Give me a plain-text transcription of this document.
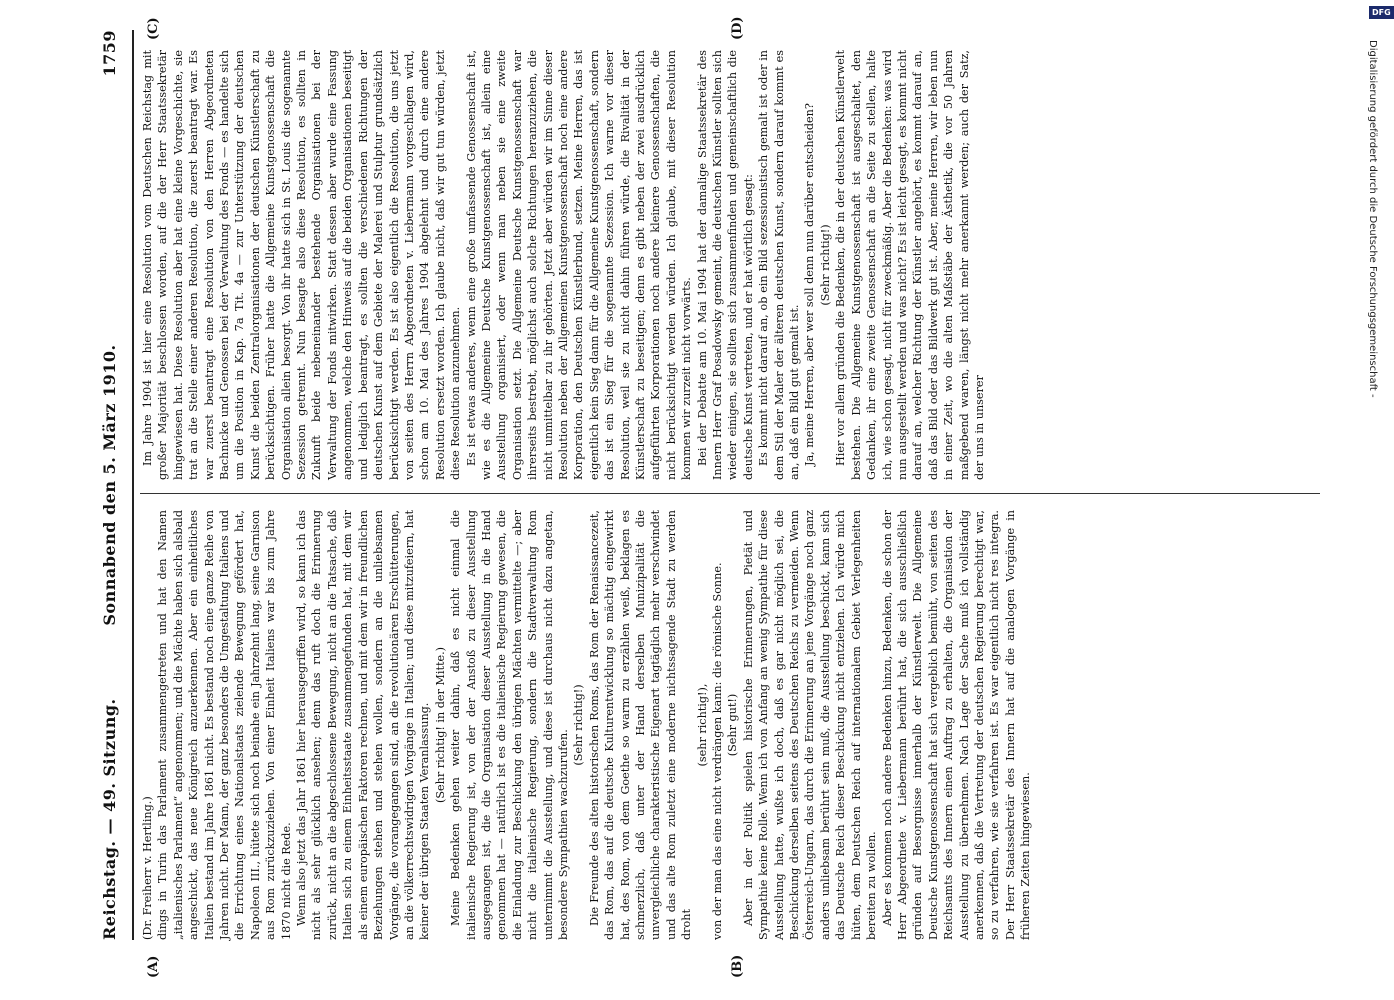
Reichstag. — 49. Sitzung.
Sonnabend den 5. März 1910.
1759

(Dr. Freiherr v. Hertling.) dings in Turin das Parlament zusammengetreten und hat den Namen „italienisches Parlament“ angenommen; und die Mächte haben sich alsbald angeschickt, das neue Königreich anzuerkennen. Aber ein einheitliches Italien bestand im Jahre 1861 nicht. Es bestand noch eine ganze Reihe von Jahren nicht. Der Mann, der ganz besonders die Umgestaltung Italiens und die Errichtung eines Nationalstaats zielende Bewegung gefördert hat, Napoleon III., hütete sich noch beinahe ein Jahrzehnt lang, seine Garnison aus Rom zurückzuziehen. Von einer Einheit Italiens war bis zum Jahre 1870 nicht die Rede. Wenn also jetzt das Jahr 1861 hier herausgegriffen wird, so kann ich das nicht als sehr glücklich ansehen; denn das ruft doch die Erinnerung zurück, nicht an die abgeschlossene Bewegung, nicht an die Tatsache, daß Italien sich zu einem Einheitsstaate zusammengefunden hat, mit dem wir als einem europäischen Faktoren rechnen, und mit dem wir in freundlichen Beziehungen stehen und stehen wollen, sondern an die unliebsamen Vorgänge, die vorangegangen sind, an die revolutionären Erschütterungen, an die völkerrechtswidrigen Vorgänge in Italien; und diese mitzufeiern, hat keiner der übrigen Staaten Veranlassung. (Sehr richtig! in der Mitte.) Meine Bedenken gehen weiter dahin, daß es nicht einmal die italienische Regierung ist, von der der Anstoß zu dieser Ausstellung ausgegangen ist, die die Organisation dieser Ausstellung in die Hand genommen hat — natürlich ist es die italienische Regierung gewesen, die die Einladung zur Beschickung den übrigen Mächten vermittelte —; aber nicht die italienische Regierung, sondern die Stadtverwaltung Rom unternimmt die Ausstellung, und diese ist durchaus nicht dazu angetan, besondere Sympathien wachzurufen.

(Sehr richtig!) Die Freunde des alten historischen Roms, das Rom der Renaissancezeit, das Rom, das auf die deutsche Kulturentwicklung so mächtig eingewirkt hat, des Rom, von dem Goethe so warm zu erzählen weiß, beklagen es schmerzlich, daß unter der Hand derselben Munizipalität die unvergleichliche charakteristische Eigenart tagtäglich mehr verschwindet und das alte Rom zuletzt eine moderne nichtssagende Stadt zu werden droht

(sehr richtig!), von der man das eine nicht verdrängen kann: die römische Sonne. (Sehr gut!) Aber in der Politik spielen historische Erinnerungen, Pietät und Sympathie keine Rolle. Wenn ich von Anfang an wenig Sympathie für diese Ausstellung hatte, wußte ich doch, daß es gar nicht möglich sei, die Beschickung derselben seitens des Deutschen Reichs zu vermeiden. Wenn Österreich-Ungarn, das durch die Erinnerung an jene Vorgänge noch ganz anders unliebsam berührt sein muß, die Ausstellung beschickt, kann sich das Deutsche Reich dieser Beschickung nicht entziehen. Ich würde mich hüten, dem Deutschen Reich auf internationalem Gebiet Verlegenheiten bereiten zu wollen. Aber es kommen noch andere Bedenken hinzu, Bedenken, die schon der Herr Abgeordnete v. Liebermann berührt hat, die sich ausschließlich gründen auf Besorgnisse innerhalb der Künstlerwelt. Die Allgemeine Deutsche Kunstgenossenschaft hat sich vergeblich bemüht, von seiten des Reichsamts des Innern einen Auftrag zu erhalten, die Organisation der Ausstellung zu übernehmen. Nach Lage der Sache muß ich vollständig anerkennen, daß die Vertretung der deutschen Regierung berechtigt war, so zu verfahren, wie sie verfahren ist. Es war eigentlich nicht res integra. Der Herr Staatssekretär des Innern hat auf die analogen Vorgänge in früheren Zeiten hingewiesen.

Im Jahre 1904 ist hier eine Resolution vom Deutschen Reichstag mit großer Majorität beschlossen worden, auf die der Herr Staatssekretär hingewiesen hat. Diese Resolution aber hat eine kleine Vorgeschichte, sie trat an die Stelle einer anderen Resolution, die zuerst beantragt war. Es war zuerst beantragt eine Resolution von den Herren Abgeordneten Bachnicke und Genossen bei der Verwaltung des Fonds — es handelte sich um die Position in Kap. 7a Tit. 4a — zur Unterstützung der deutschen Kunst die beiden Zentralorganisationen der deutschen Künstlerschaft zu berücksichtigen. Früher hatte die Allgemeine Kunstgenossenschaft die Organisation allein besorgt. Von ihr hatte sich in St. Louis die sogenannte Sezession getrennt. Nun besagte also diese Resolution, es sollten in Zukunft beide nebeneinander bestehende Organisationen bei der Verwaltung der Fonds mitwirken. Statt dessen aber wurde eine Fassung angenommen, welche den Hinweis auf die beiden Organisationen beseitigt und lediglich beantragt, es sollten die verschiedenen Richtungen der deutschen Kunst auf dem Gebiete der Malerei und Stulptur grundsätzlich berücksichtigt werden. Es ist also eigentlich die Resolution, die uns jetzt von seiten des Herrn Abgeordneten v. Liebermann vorgeschlagen wird, schon am 10. Mai des Jahres 1904 abgelehnt und durch eine andere Resolution ersetzt worden. Ich glaube nicht, daß wir gut tun würden, jetzt diese Resolution anzunehmen. Es ist etwas anderes, wenn eine große umfassende Genossenschaft ist, wie es die Allgemeine Deutsche Kunstgenossenschaft ist, allein eine Ausstellung organisiert, oder wenn man neben sie eine zweite Organisation setzt. Die Allgemeine Deutsche Kunstgenossenschaft war ihrerseits bestrebt, möglichst auch solche Richtungen heranzuziehen, die nicht unmittelbar zu ihr gehörten. Jetzt aber würden wir im Sinne dieser Resolution neben der Allgemeinen Kunstgenossenschaft noch eine andere Korporation, den Deutschen Künstlerbund, setzen. Meine Herren, das ist eigentlich kein Sieg dann für die Allgemeine Kunstgenossenschaft, sondern das ist ein Sieg für die sogenannte Sezession. Ich warne vor dieser Resolution, weil sie zu nicht dahin führen würde, die Rivalität in der Künstlerschaft zu beseitigen; denn es gibt neben der zwei ausdrücklich aufgeführten Korporationen noch andere kleinere Genossenschaften, die nicht berücksichtigt werden würden. Ich glaube, mit dieser Resolution kommen wir zurzeit nicht vorwärts. Bei der Debatte am 10. Mai 1904 hat der damalige Staatssekretär des Innern Herr Graf Posadowsky gemeint, die deutschen Künstler sollten sich wieder einigen, sie sollten sich zusammenfinden und gemeinschaftlich die deutsche Kunst vertreten, und er hat wörtlich gesagt: Es kommt nicht darauf an, ob ein Bild sezessionistisch gemalt ist oder in dem Stil der Maler der älteren deutschen Kunst, sondern darauf kommt es an, daß ein Bild gut gemalt ist. Ja, meine Herren, aber wer soll denn nun darüber entscheiden? (Sehr richtig!) Hier vor allem gründen die Bedenken, die in der deutschen Künstlerwelt bestehen. Die Allgemeine Kunstgenossenschaft ist ausgeschaltet, den Gedanken, ihr eine zweite Genossenschaft an die Seite zu stellen, halte ich, wie schon gesagt, nicht für zweckmäßig. Aber die Bedenken: was wird nun ausgestellt werden und was nicht? Es ist leicht gesagt, es kommt nicht darauf an, welcher Richtung der Künstler angehört, es kommt darauf an, daß das Bild oder das Bildwerk gut ist. Aber, meine Herren, wir leben nun in einer Zeit, wo die alten Maßstäbe der Ästhetik, die vor 50 Jahren maßgebend waren, längst nicht mehr anerkannt werden; auch der Satz, der uns in unserer

(A)	(B)
(C)	(D)
Digitalisierung gefördert durch die Deutsche Forschungsgemeinschaft -
DFG
